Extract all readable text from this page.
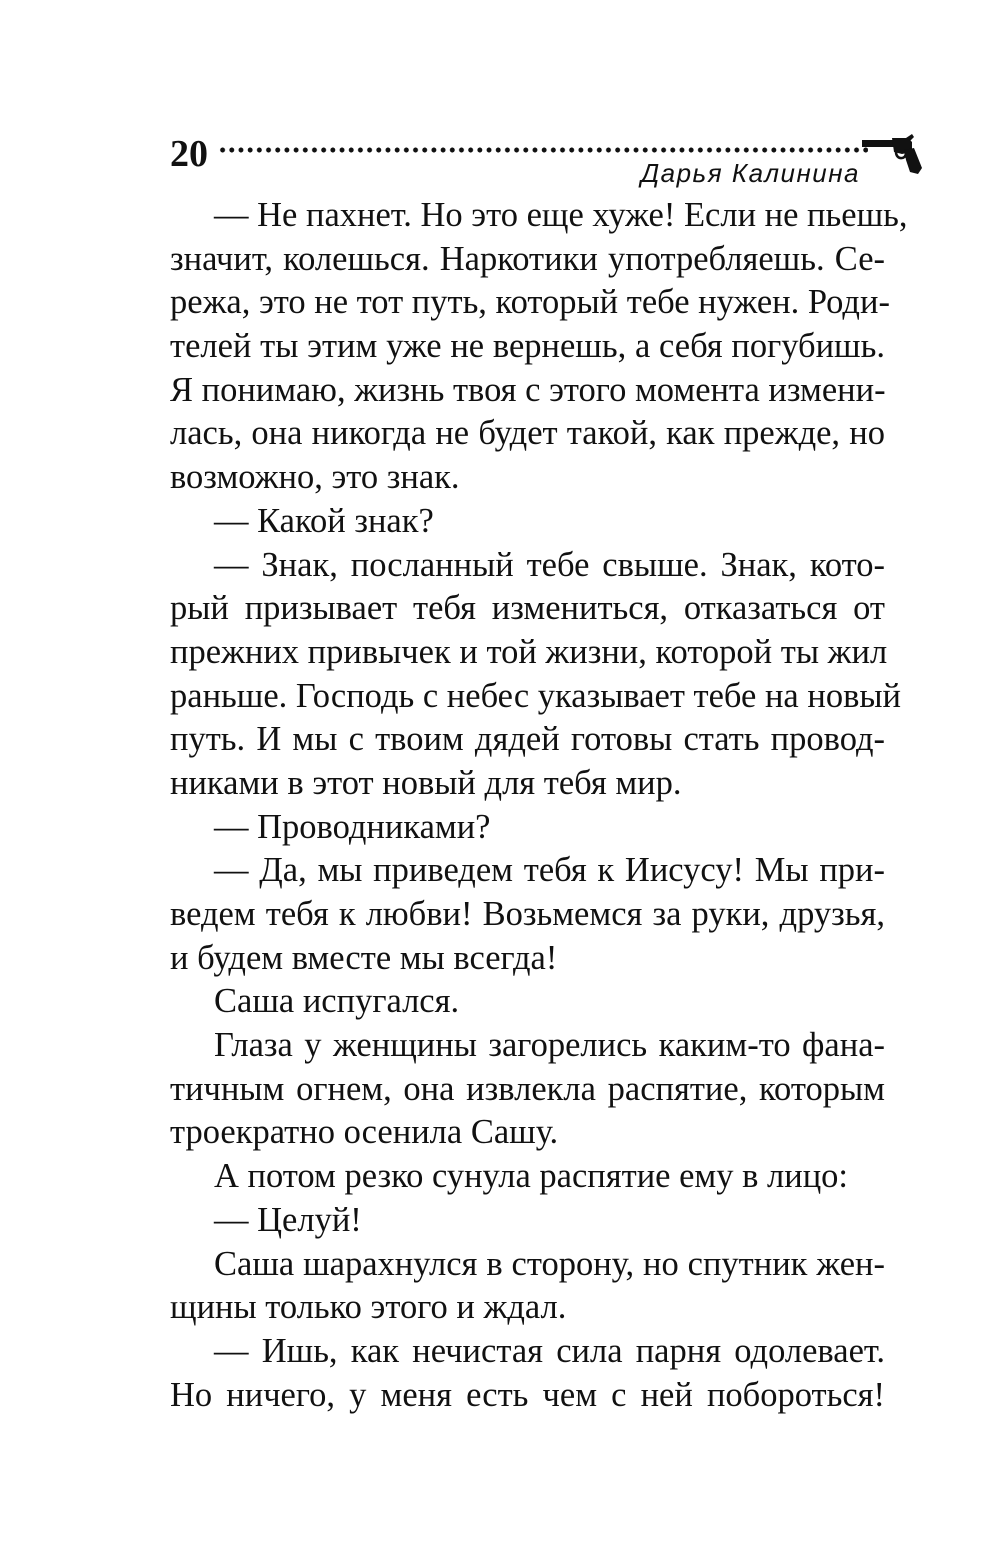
20	Дарья Калинина
— Не пахнет. Но это еще хуже! Если не пьешь,
значит, колешься. Наркотики употребляешь. Се-
режа, это не тот путь, который тебе нужен. Роди-
телей ты этим уже не вернешь, а себя погубишь.
Я понимаю, жизнь твоя с этого момента измени-
лась, она никогда не будет такой, как прежде, но
возможно, это знак.
— Какой знак?
— Знак, посланный тебе свыше. Знак, кото-
рый призывает тебя измениться, отказаться от
прежних привычек и той жизни, которой ты жил
раньше. Господь с небес указывает тебе на новый
путь. И мы с твоим дядей готовы стать провод-
никами в этот новый для тебя мир.
— Проводниками?
— Да, мы приведем тебя к Иисусу! Мы при-
ведем тебя к любви! Возьмемся за руки, друзья,
и будем вместе мы всегда!
Саша испугался.
Глаза у женщины загорелись каким-то фана-
тичным огнем, она извлекла распятие, которым
троекратно осенила Сашу.
А потом резко сунула распятие ему в лицо:
— Целуй!
Саша шарахнулся в сторону, но спутник жен-
щины только этого и ждал.
— Ишь, как нечистая сила парня одолевает.
Но ничего, у меня есть чем с ней побороться!
